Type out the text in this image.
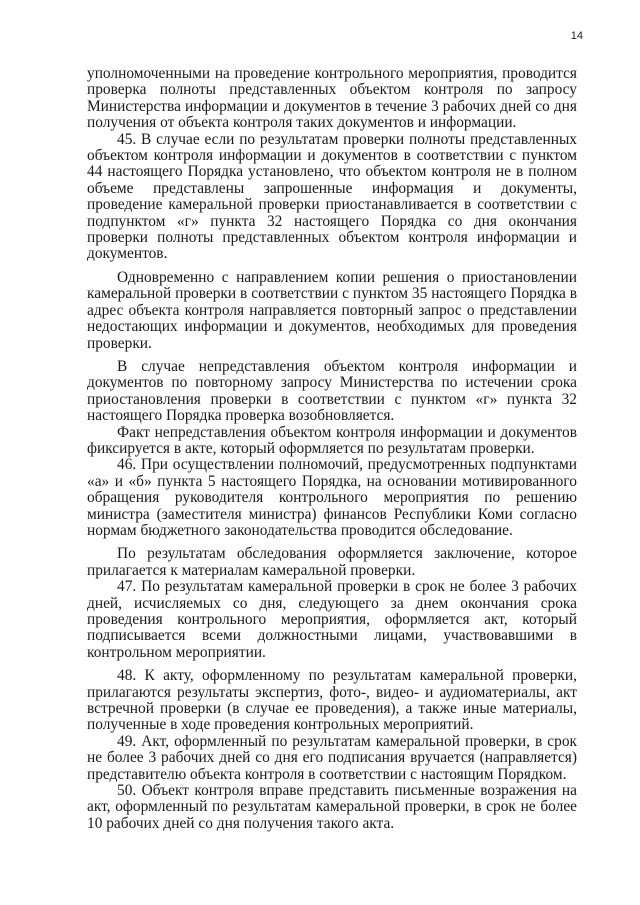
14

уполномоченными на проведение контрольного мероприятия, проводится проверка полноты представленных объектом контроля по запросу Министерства информации и документов в течение 3 рабочих дней со дня получения от объекта контроля таких документов и информации.

45. В случае если по результатам проверки полноты представленных объектом контроля информации и документов в соответствии с пунктом 44 настоящего Порядка установлено, что объектом контроля не в полном объеме представлены запрошенные информация и документы, проведение камеральной проверки приостанавливается в соответствии с подпунктом «г» пункта 32 настоящего Порядка со дня окончания проверки полноты представленных объектом контроля информации и документов.

Одновременно с направлением копии решения о приостановлении камеральной проверки в соответствии с пунктом 35 настоящего Порядка в адрес объекта контроля направляется повторный запрос о представлении недостающих информации и документов, необходимых для проведения проверки.

В случае непредставления объектом контроля информации и документов по повторному запросу Министерства по истечении срока приостановления проверки в соответствии с пунктом «г» пункта 32 настоящего Порядка проверка возобновляется.

Факт непредставления объектом контроля информации и документов фиксируется в акте, который оформляется по результатам проверки.

46. При осуществлении полномочий, предусмотренных подпунктами «а» и «б» пункта 5 настоящего Порядка, на основании мотивированного обращения руководителя контрольного мероприятия по решению министра (заместителя министра) финансов Республики Коми согласно нормам бюджетного законодательства проводится обследование.

По результатам обследования оформляется заключение, которое прилагается к материалам камеральной проверки.

47. По результатам камеральной проверки в срок не более 3 рабочих дней, исчисляемых со дня, следующего за днем окончания срока проведения контрольного мероприятия, оформляется акт, который подписывается всеми должностными лицами, участвовавшими в контрольном мероприятии.

48. К акту, оформленному по результатам камеральной проверки, прилагаются результаты экспертиз, фото-, видео- и аудиоматериалы, акт встречной проверки (в случае ее проведения), а также иные материалы, полученные в ходе проведения контрольных мероприятий.

49. Акт, оформленный по результатам камеральной проверки, в срок не более 3 рабочих дней со дня его подписания вручается (направляется) представителю объекта контроля в соответствии с настоящим Порядком.

50. Объект контроля вправе представить письменные возражения на акт, оформленный по результатам камеральной проверки, в срок не более 10 рабочих дней со дня получения такого акта.
